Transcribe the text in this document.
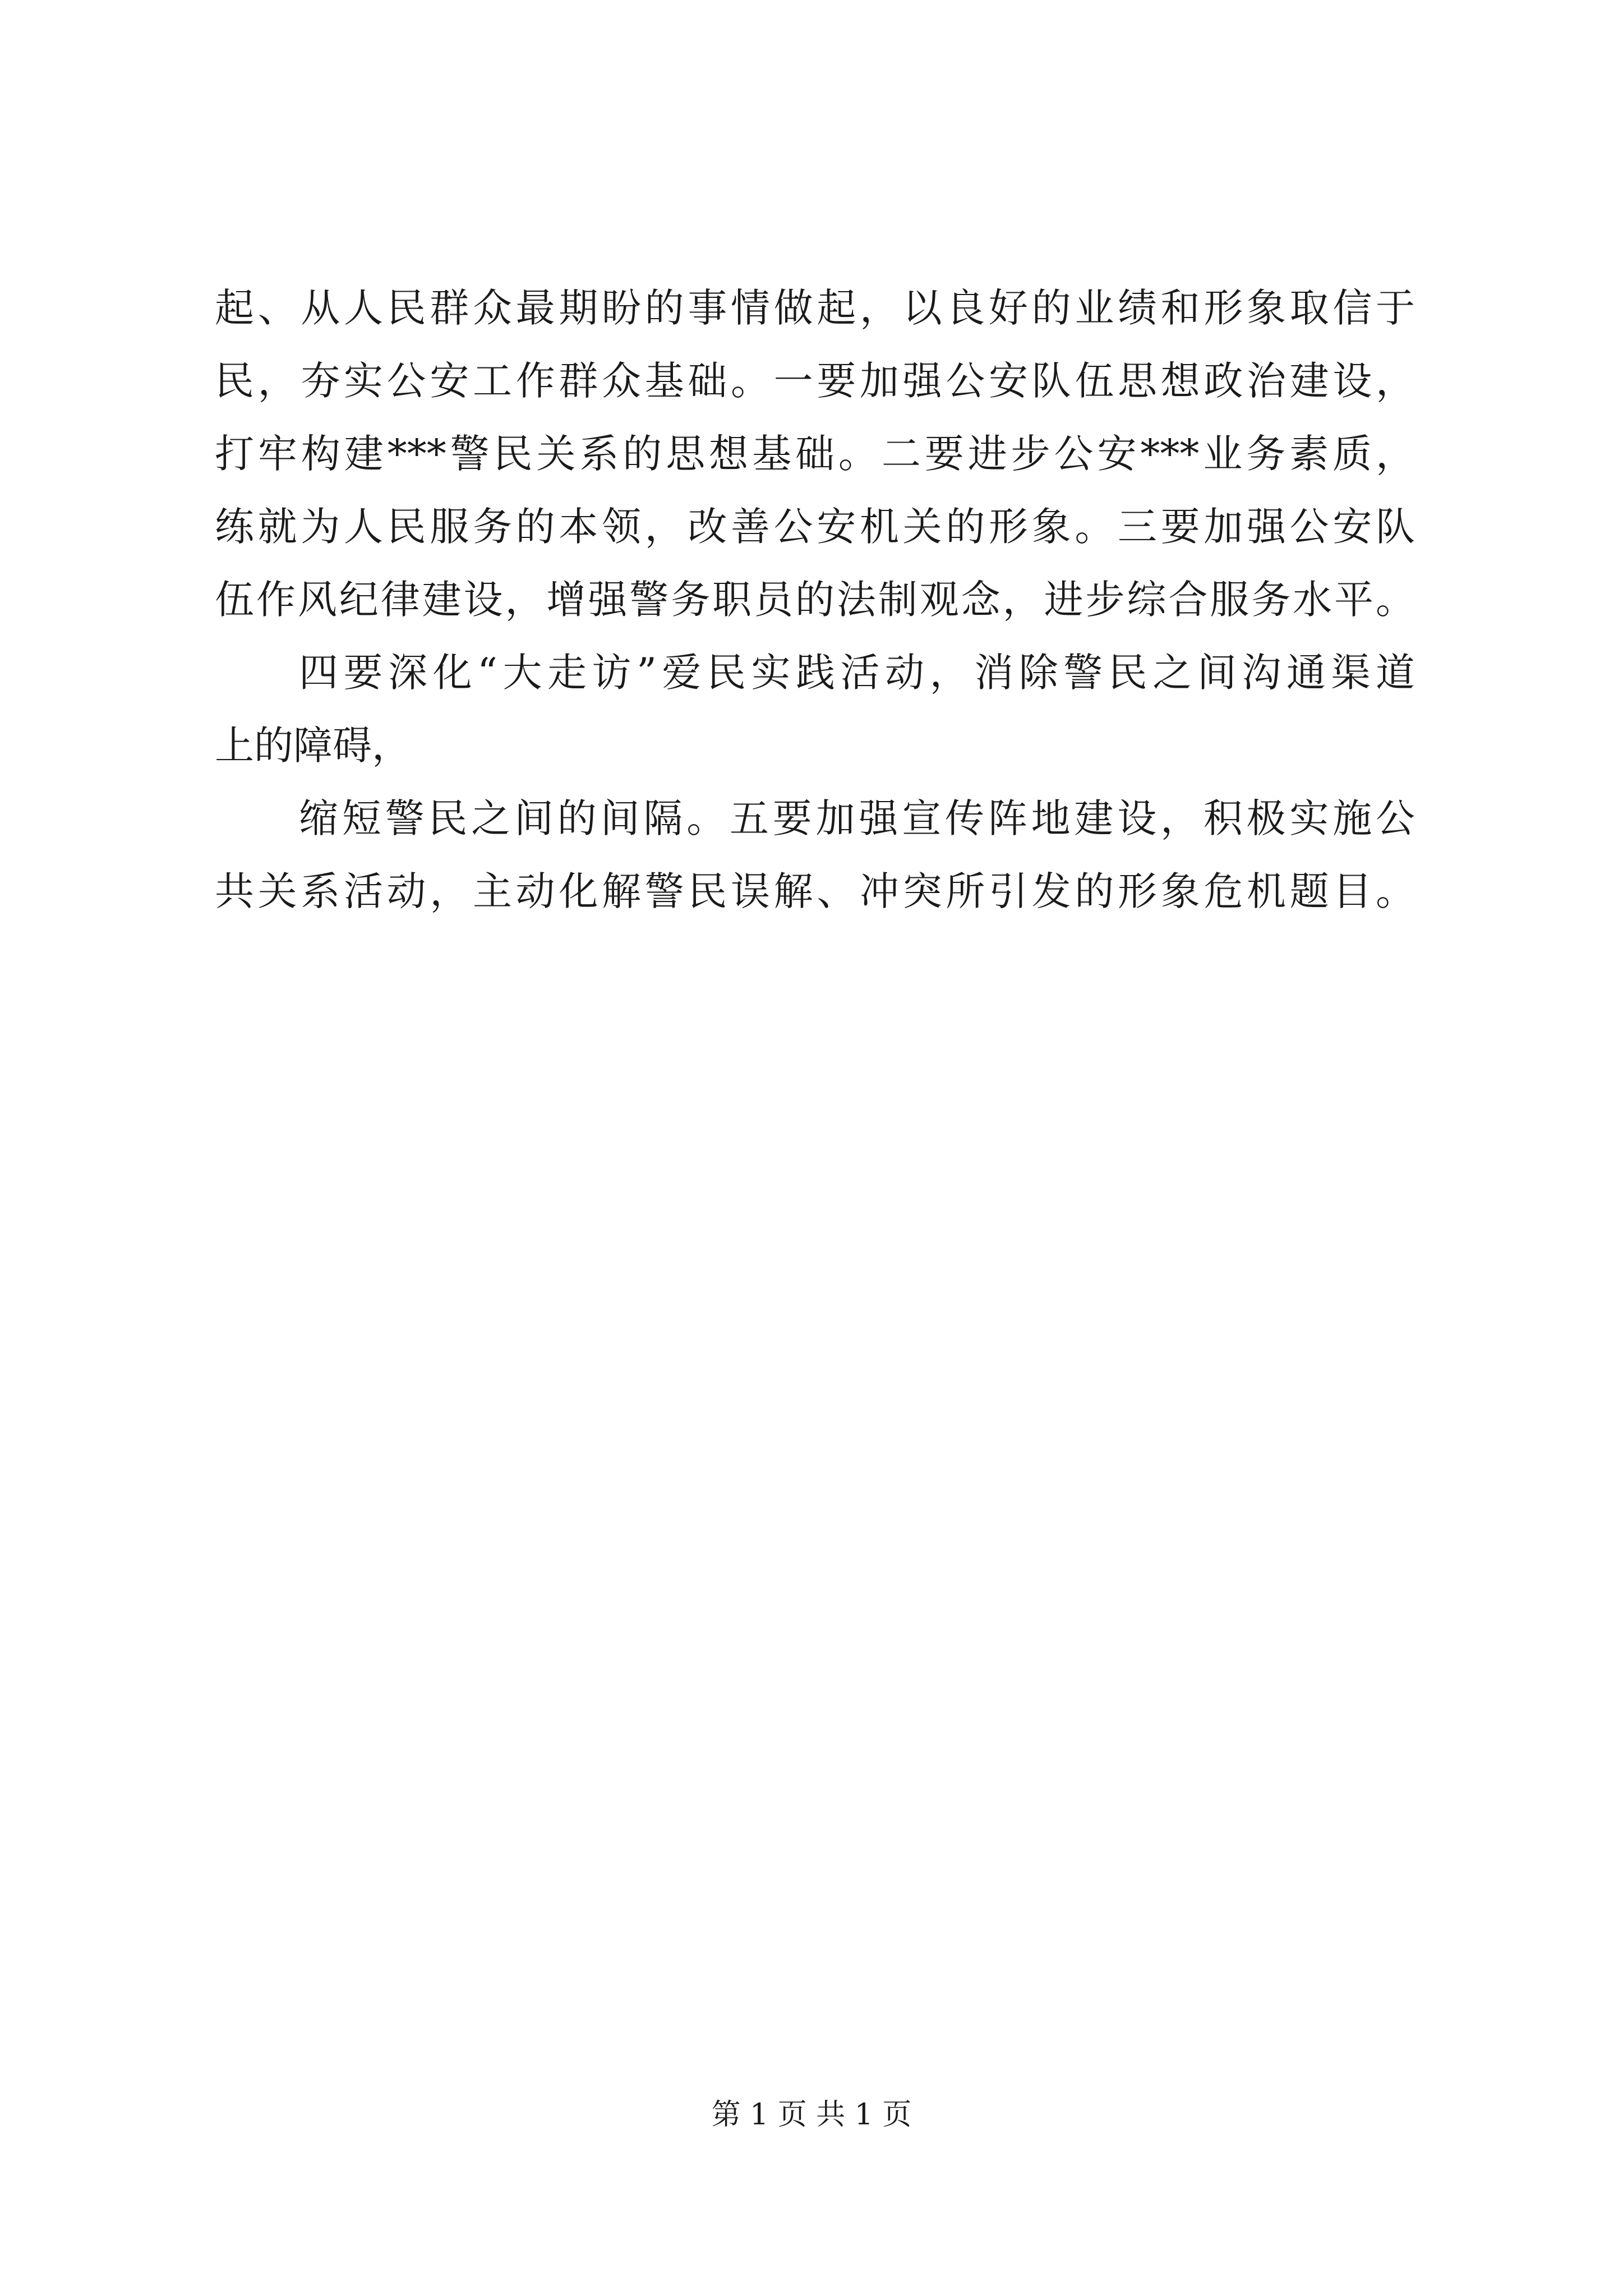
起、从人民群众最期盼的事情做起，以良好的业绩和形象取信于
民，夯实公安工作群众基础。一要加强公安队伍思想政治建设，
打牢构建***警民关系的思想基础。二要进步公安***业务素质，
练就为人民服务的本领，改善公安机关的形象。三要加强公安队
伍作风纪律建设，增强警务职员的法制观念，进步综合服务水平。
四要深化“大走访”爱民实践活动，消除警民之间沟通渠道
上的障碍，
缩短警民之间的间隔。五要加强宣传阵地建设，积极实施公
共关系活动，主动化解警民误解、冲突所引发的形象危机题目。
第 1 页 共 1 页
